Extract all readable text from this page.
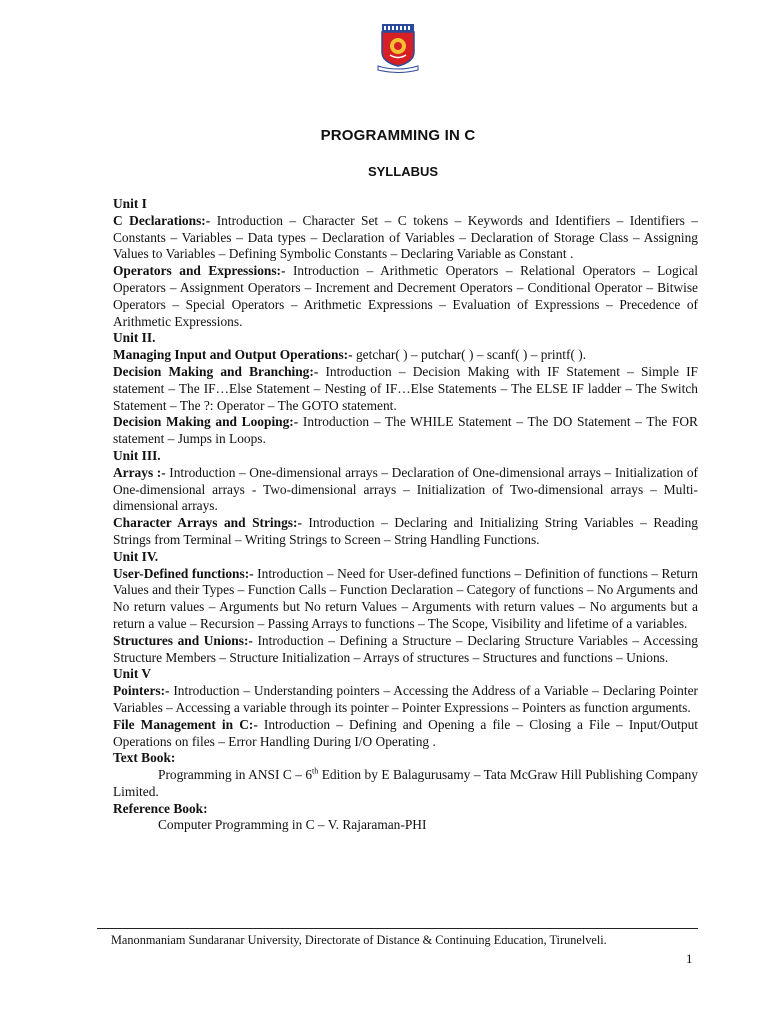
PROGRAMMING IN C
SYLLABUS

Unit I

C Declarations:- Introduction – Character Set – C tokens – Keywords and Identifiers – Identifiers – Constants – Variables – Data types – Declaration of Variables – Declaration of Storage Class – Assigning Values to Variables – Defining Symbolic Constants – Declaring Variable as Constant .

Operators and Expressions:- Introduction – Arithmetic Operators – Relational Operators – Logical Operators – Assignment Operators – Increment and Decrement Operators – Conditional Operator – Bitwise Operators – Special Operators – Arithmetic Expressions – Evaluation of Expressions – Precedence of Arithmetic Expressions.

Unit II.

Managing Input and Output Operations:- getchar( ) – putchar( ) – scanf( ) – printf( ).

Decision Making and Branching:- Introduction – Decision Making with IF Statement – Simple IF statement – The IF…Else Statement – Nesting of IF…Else Statements – The ELSE IF ladder – The Switch Statement – The ?: Operator – The GOTO statement.

Decision Making and Looping:- Introduction – The WHILE Statement – The DO Statement – The FOR statement – Jumps in Loops.

Unit III.

Arrays :- Introduction – One-dimensional arrays – Declaration of One-dimensional arrays – Initialization of One-dimensional arrays - Two-dimensional arrays – Initialization of Two-dimensional arrays – Multi-dimensional arrays.

Character Arrays and Strings:- Introduction – Declaring and Initializing String Variables – Reading Strings from Terminal – Writing Strings to Screen – String Handling Functions.

Unit IV.

User-Defined functions:- Introduction – Need for User-defined functions – Definition of functions – Return Values and their Types – Function Calls – Function Declaration – Category of functions – No Arguments and No return values – Arguments but No return Values – Arguments with return values – No arguments but a return a value – Recursion – Passing Arrays to functions – The Scope, Visibility and lifetime of a variables.

Structures and Unions:- Introduction – Defining a Structure – Declaring Structure Variables – Accessing Structure Members – Structure Initialization – Arrays of structures – Structures and functions – Unions.

Unit V

Pointers:- Introduction – Understanding pointers – Accessing the Address of a Variable – Declaring Pointer Variables – Accessing a variable through its pointer – Pointer Expressions – Pointers as function arguments.

File Management in C:- Introduction – Defining and Opening a file – Closing a File – Input/Output Operations on files – Error Handling During I/O Operating .

Text Book:

Programming in ANSI C – 6th Edition by E Balagurusamy – Tata McGraw Hill Publishing Company Limited.

Reference Book:

Computer Programming in C – V. Rajaraman-PHI

Manonmaniam Sundaranar University, Directorate of Distance & Continuing Education, Tirunelveli.
1
